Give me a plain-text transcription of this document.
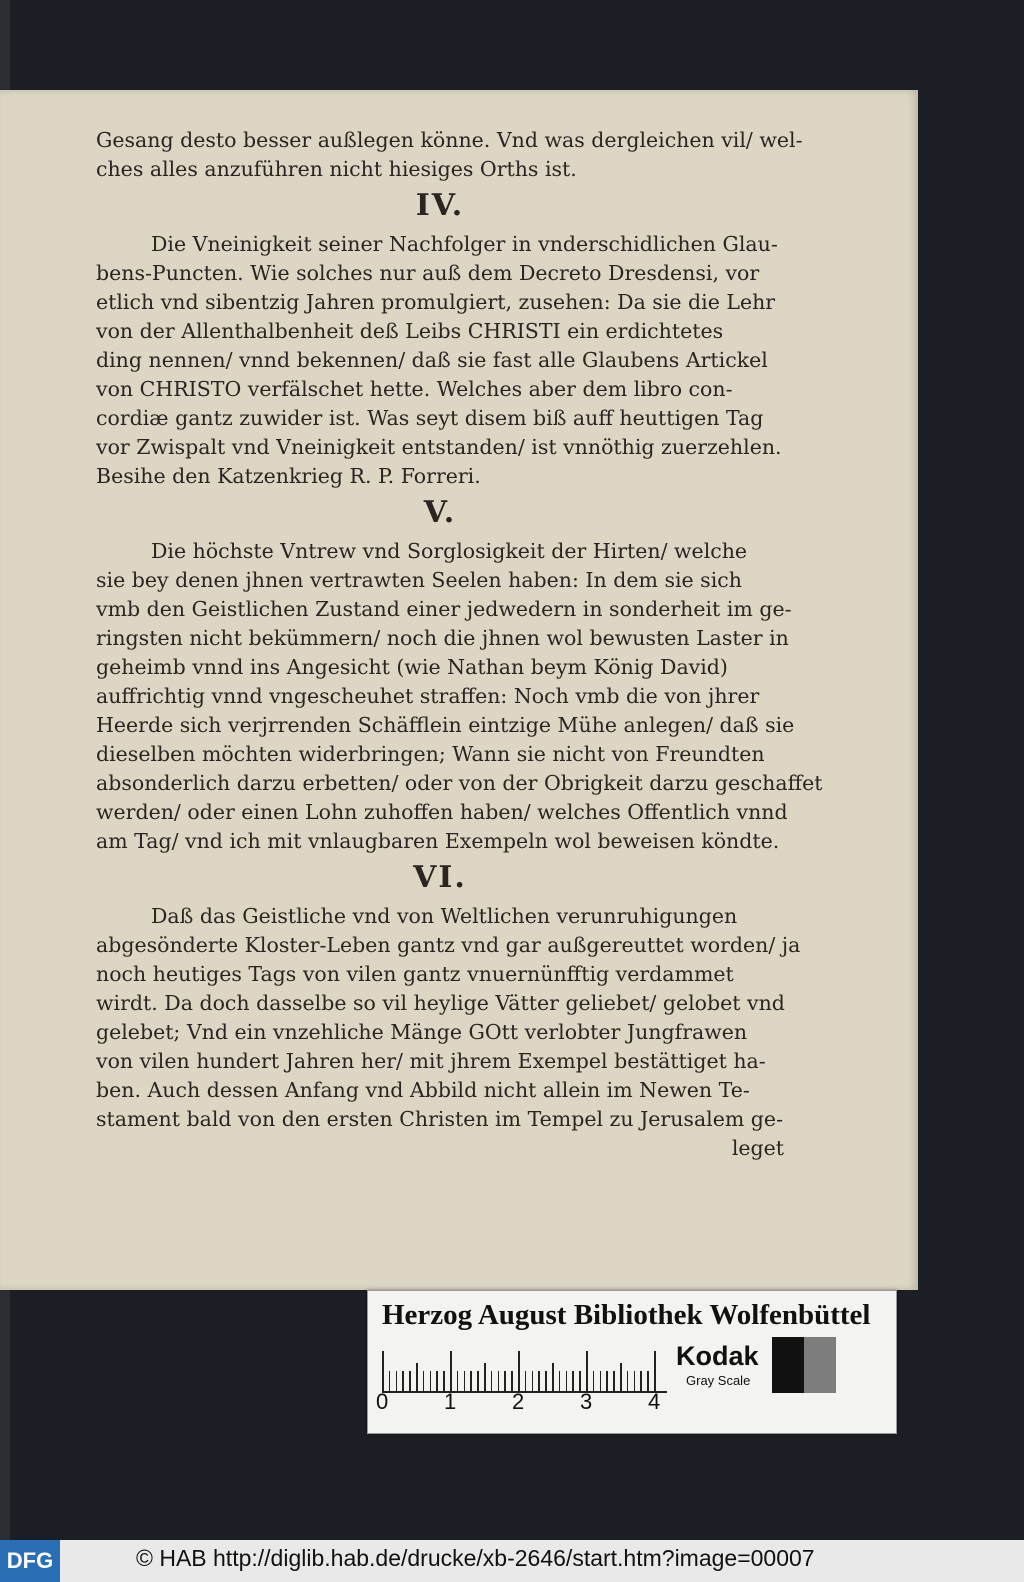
Gesang desto besser außlegen könne. Vnd was dergleichen vil/ wel-
ches alles anzuführen nicht hiesiges Orths ist.
IV.
Die Vneinigkeit seiner Nachfolger in vnderschidlichen Glau-
bens-Puncten. Wie solches nur auß dem Decreto Dresdensi, vor
etlich vnd sibentzig Jahren promulgiert, zusehen: Da sie die Lehr
von der Allenthalbenheit deß Leibs CHRISTI ein erdichtetes
ding nennen/ vnnd bekennen/ daß sie fast alle Glaubens Artickel
von CHRISTO verfälschet hette. Welches aber dem libro con-
cordiæ gantz zuwider ist. Was seyt disem biß auff heuttigen Tag
vor Zwispalt vnd Vneinigkeit entstanden/ ist vnnöthig zuerzehlen.
Besihe den Katzenkrieg R. P. Forreri.
V.
Die höchste Vntrew vnd Sorglosigkeit der Hirten/ welche
sie bey denen jhnen vertrawten Seelen haben: In dem sie sich
vmb den Geistlichen Zustand einer jedwedern in sonderheit im ge-
ringsten nicht bekümmern/ noch die jhnen wol bewusten Laster in
geheimb vnnd ins Angesicht (wie Nathan beym König David)
auffrichtig vnnd vngescheuhet straffen: Noch vmb die von jhrer
Heerde sich verjrrenden Schäfflein eintzige Mühe anlegen/ daß sie
dieselben möchten widerbringen; Wann sie nicht von Freundten
absonderlich darzu erbetten/ oder von der Obrigkeit darzu geschaffet
werden/ oder einen Lohn zuhoffen haben/ welches Offentlich vnnd
am Tag/ vnd ich mit vnlaugbaren Exempeln wol beweisen köndte.
VI.
Daß das Geistliche vnd von Weltlichen verunruhigungen
abgesönderte Kloster-Leben gantz vnd gar außgereuttet worden/ ja
noch heutiges Tags von vilen gantz vnuernünfftig verdammet
wirdt. Da doch dasselbe so vil heylige Vätter geliebet/ gelobet vnd
gelebet; Vnd ein vnzehliche Mänge GOtt verlobter Jungfrawen
von vilen hundert Jahren her/ mit jhrem Exempel bestättiget ha-
ben. Auch dessen Anfang vnd Abbild nicht allein im Newen Te-
stament bald von den ersten Christen im Tempel zu Jerusalem ge-
leget
Herzog August Bibliothek Wolfenbüttel
0	1	2	3	4
Kodak
Gray Scale
DFG	© HAB http://diglib.hab.de/drucke/xb-2646/start.htm?image=00007
